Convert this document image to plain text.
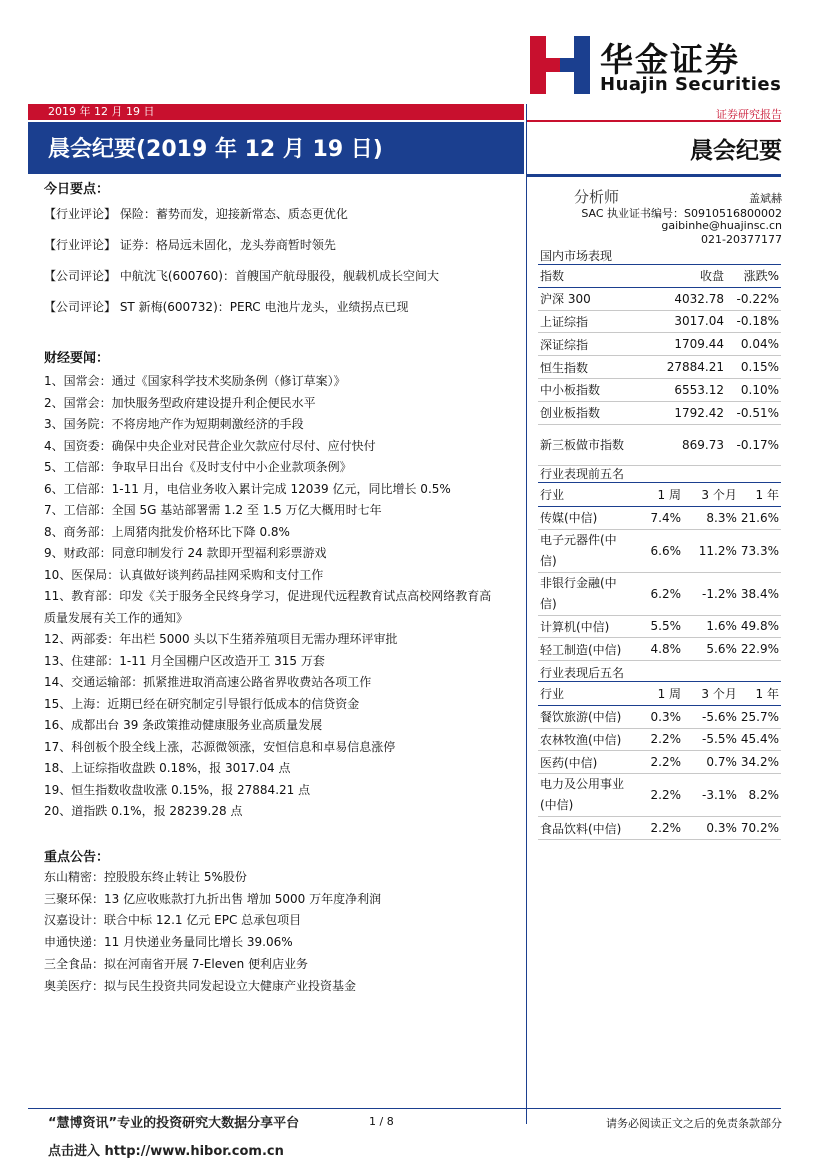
华金证券
Huajin Securities
2019 年 12 月 19 日
晨会纪要(2019 年 12 月 19 日)
证券研究报告
晨会纪要
今日要点：
【行业评论】 保险：蓄势而发，迎接新常态、质态更优化
【行业评论】 证券：格局远未固化，龙头券商暂时领先
【公司评论】 中航沈飞(600760)：首艘国产航母服役，舰载机成长空间大
【公司评论】 ST 新梅(600732)：PERC 电池片龙头，业绩拐点已现
财经要闻：
1、国常会：通过《国家科学技术奖励条例（修订草案）》
2、国常会：加快服务型政府建设提升利企便民水平
3、国务院：不将房地产作为短期刺激经济的手段
4、国资委：确保中央企业对民营企业欠款应付尽付、应付快付
5、工信部：争取早日出台《及时支付中小企业款项条例》
6、工信部：1-11 月，电信业务收入累计完成 12039 亿元，同比增长 0.5%
7、工信部：全国 5G 基站部署需 1.2 至 1.5 万亿大概用时七年
8、商务部：上周猪肉批发价格环比下降 0.8%
9、财政部：同意印制发行 24 款即开型福利彩票游戏
10、医保局：认真做好谈判药品挂网采购和支付工作
11、教育部：印发《关于服务全民终身学习，促进现代远程教育试点高校网络教育高
质量发展有关工作的通知》
12、两部委：年出栏 5000 头以下生猪养殖项目无需办理环评审批
13、住建部：1-11 月全国棚户区改造开工 315 万套
14、交通运输部：抓紧推进取消高速公路省界收费站各项工作
15、上海：近期已经在研究制定引导银行低成本的信贷资金
16、成都出台 39 条政策推动健康服务业高质量发展
17、科创板个股全线上涨，芯源微领涨，安恒信息和卓易信息涨停
18、上证综指收盘跌 0.18%，报 3017.04 点
19、恒生指数收盘收涨 0.15%，报 27884.21 点
20、道指跌 0.1%，报 28239.28 点
重点公告：
东山精密：控股股东终止转让 5%股份
三聚环保：13 亿应收账款打九折出售 增加 5000 万年度净利润
汉嘉设计：联合中标 12.1 亿元 EPC 总承包项目
申通快递：11 月快递业务量同比增长 39.06%
三全食品：拟在河南省开展 7-Eleven 便利店业务
奥美医疗：拟与民生投资共同发起设立大健康产业投资基金
分析师	盖斌赫
SAC 执业证书编号：S0910516800002
gaibinhe@huajinsc.cn
021-20377177
国内市场表现
指数	收盘	涨跌%
沪深 300	4032.78	-0.22%
上证综指	3017.04	-0.18%
深证综指	1709.44	0.04%
恒生指数	27884.21	0.15%
中小板指数	6553.12	0.10%
创业板指数	1792.42	-0.51%
新三板做市指数	869.73	-0.17%
行业表现前五名
行业	1 周	3 个月	1 年
传媒(中信)	7.4%	8.3%	21.6%
电子元器件(中信)	6.6%	11.2%	73.3%
非银行金融(中信)	6.2%	-1.2%	38.4%
计算机(中信)	5.5%	1.6%	49.8%
轻工制造(中信)	4.8%	5.6%	22.9%
行业表现后五名
行业	1 周	3 个月	1 年
餐饮旅游(中信)	0.3%	-5.6%	25.7%
农林牧渔(中信)	2.2%	-5.5%	45.4%
医药(中信)	2.2%	0.7%	34.2%
电力及公用事业(中信)	2.2%	-3.1%	8.2%
食品饮料(中信)	2.2%	0.3%	70.2%
“慧博资讯”专业的投资研究大数据分享平台	1 / 8	请务必阅读正文之后的免责条款部分
点击进入 http://www.hibor.com.cn
